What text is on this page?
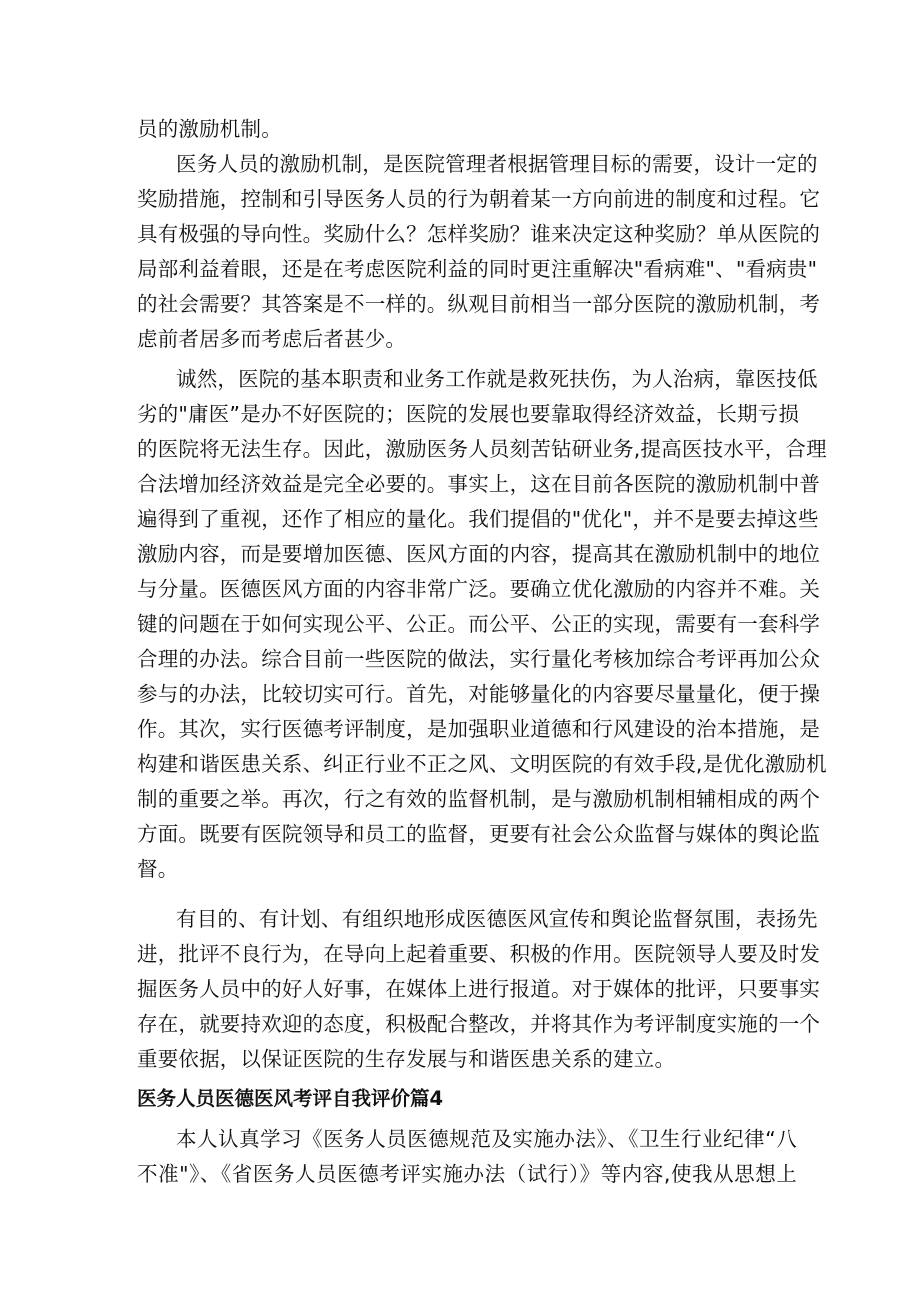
员的激励机制。
医务人员的激励机制，是医院管理者根据管理目标的需要，设计一定的
奖励措施，控制和引导医务人员的行为朝着某一方向前进的制度和过程。它
具有极强的导向性。奖励什么？怎样奖励？谁来决定这种奖励？单从医院的
局部利益着眼，还是在考虑医院利益的同时更注重解决"看病难"、"看病贵"
的社会需要？其答案是不一样的。纵观目前相当一部分医院的激励机制，考
虑前者居多而考虑后者甚少。
诚然，医院的基本职责和业务工作就是救死扶伤，为人治病，靠医技低
劣的"庸医”是办不好医院的；医院的发展也要靠取得经济效益，长期亏损
的医院将无法生存。因此，激励医务人员刻苦钻研业务,提高医技水平，合理
合法增加经济效益是完全必要的。事实上，这在目前各医院的激励机制中普
遍得到了重视，还作了相应的量化。我们提倡的"优化"，并不是要去掉这些
激励内容，而是要增加医德、医风方面的内容，提高其在激励机制中的地位
与分量。医德医风方面的内容非常广泛。要确立优化激励的内容并不难。关
键的问题在于如何实现公平、公正。而公平、公正的实现，需要有一套科学
合理的办法。综合目前一些医院的做法，实行量化考核加综合考评再加公众
参与的办法，比较切实可行。首先，对能够量化的内容要尽量量化，便于操
作。其次，实行医德考评制度，是加强职业道德和行风建设的治本措施，是
构建和谐医患关系、纠正行业不正之风、文明医院的有效手段,是优化激励机
制的重要之举。再次，行之有效的监督机制，是与激励机制相辅相成的两个
方面。既要有医院领导和员工的监督，更要有社会公众监督与媒体的舆论监
督。
有目的、有计划、有组织地形成医德医风宣传和舆论监督氛围，表扬先
进，批评不良行为，在导向上起着重要、积极的作用。医院领导人要及时发
掘医务人员中的好人好事，在媒体上进行报道。对于媒体的批评，只要事实
存在，就要持欢迎的态度，积极配合整改，并将其作为考评制度实施的一个
重要依据，以保证医院的生存发展与和谐医患关系的建立。
医务人员医德医风考评自我评价篇4
本人认真学习《医务人员医德规范及实施办法》、《卫生行业纪律“八
不准"》、《省医务人员医德考评实施办法（试行）》等内容,使我从思想上
